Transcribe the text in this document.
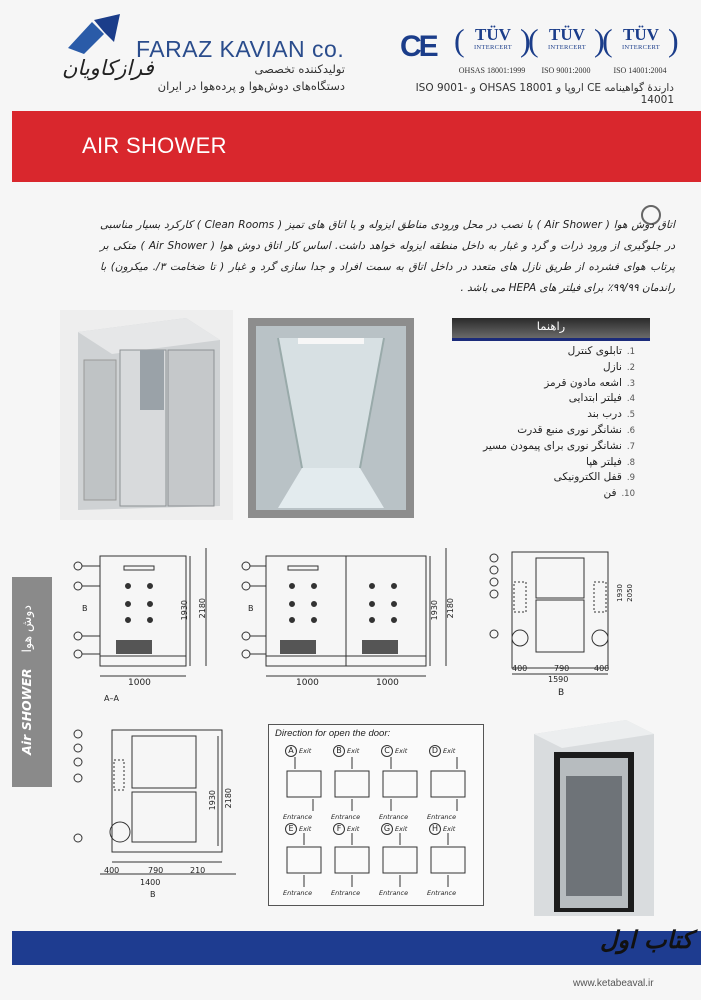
FARAZ KAVIAN co.
فرازکاویان	تولیدکننده تخصصی
دستگاه‌های دوش‌هوا و پرده‌هوا در ایران
CE ( )
TÜV
INTERCERT ( )
TÜV
INTERCERT ( )
TÜV
INTERCERT
OHSAS 18001:1999	ISO 9001:2000	ISO 14001:2004
دارندۀ گواهینامه CE اروپا و OHSAS 18001 و ISO 9001-14001
AIR SHOWER
اتاق دوش هوا ( Air Shower ) با نصب در محل ورودی مناطق ایزوله و یا اتاق های تمیز ( Clean Rooms ) کارکرد بسیار مناسبی در جلوگیری از ورود ذرات و گرد و غبار به داخل منطقه ایزوله خواهد داشت. اساس کار اتاق دوش هوا ( Air Shower ) متکی بر پرتاب هوای فشرده از طریق نازل های متعدد در داخل اتاق به سمت افراد و جدا سازی گرد و غبار ( تا ضخامت ۳/. میکرون) با راندمان ۹۹/۹۹٪ برای فیلتر های HEPA می باشد .
راهنما
1.تابلوی کنترل
2.نازل
3.اشعه مادون قرمز
4.فیلتر ابتدایی
5.درب بند
6.نشانگر نوری منبع قدرت
7.نشانگر نوری برای پیمودن مسیر
8.فیلتر هپا
9.قفل الکترونیکی
10.فن
Air SHOWER    دوش هوا
1000
1930 2180
B
A–A
1000	1000
1930 2180
B
400	790	400
1590
1930 2050
B
400	790	210
1400
1930 2180
B
Direction for open the door:
A	B	C	D
E	F	G	H
Exit	Exit	Exit	Exit
Exit	Exit	Exit	Exit
Entrance	Entrance	Entrance	Entrance
Entrance	Entrance	Entrance	Entrance
کتاب اول
www.ketabeaval.ir
